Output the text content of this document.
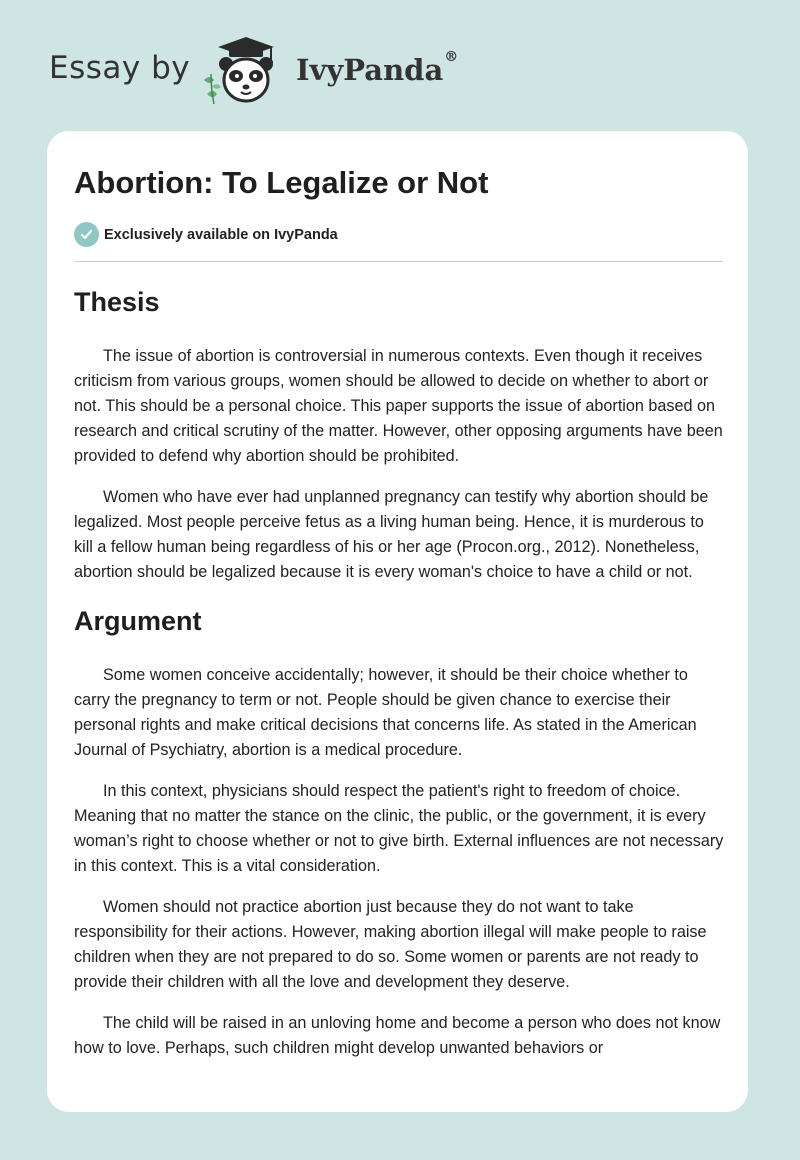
Essay by	IvyPanda®
Abortion: To Legalize or Not
Exclusively available on IvyPanda
Thesis

The issue of abortion is controversial in numerous contexts. Even though it receives criticism from various groups, women should be allowed to decide on whether to abort or not. This should be a personal choice. This paper supports the issue of abortion based on research and critical scrutiny of the matter. However, other opposing arguments have been provided to defend why abortion should be prohibited.

Women who have ever had unplanned pregnancy can testify why abortion should be legalized. Most people perceive fetus as a living human being. Hence, it is murderous to kill a fellow human being regardless of his or her age (Procon.org., 2012). Nonetheless, abortion should be legalized because it is every woman's choice to have a child or not.

Argument

Some women conceive accidentally; however, it should be their choice whether to carry the pregnancy to term or not. People should be given chance to exercise their personal rights and make critical decisions that concerns life. As stated in the American Journal of Psychiatry, abortion is a medical procedure.

In this context, physicians should respect the patient's right to freedom of choice. Meaning that no matter the stance on the clinic, the public, or the government, it is every woman’s right to choose whether or not to give birth. External influences are not necessary in this context. This is a vital consideration.

Women should not practice abortion just because they do not want to take responsibility for their actions. However, making abortion illegal will make people to raise children when they are not prepared to do so. Some women or parents are not ready to provide their children with all the love and development they deserve.

The child will be raised in an unloving home and become a person who does not know how to love. Perhaps, such children might develop unwanted behaviors or
